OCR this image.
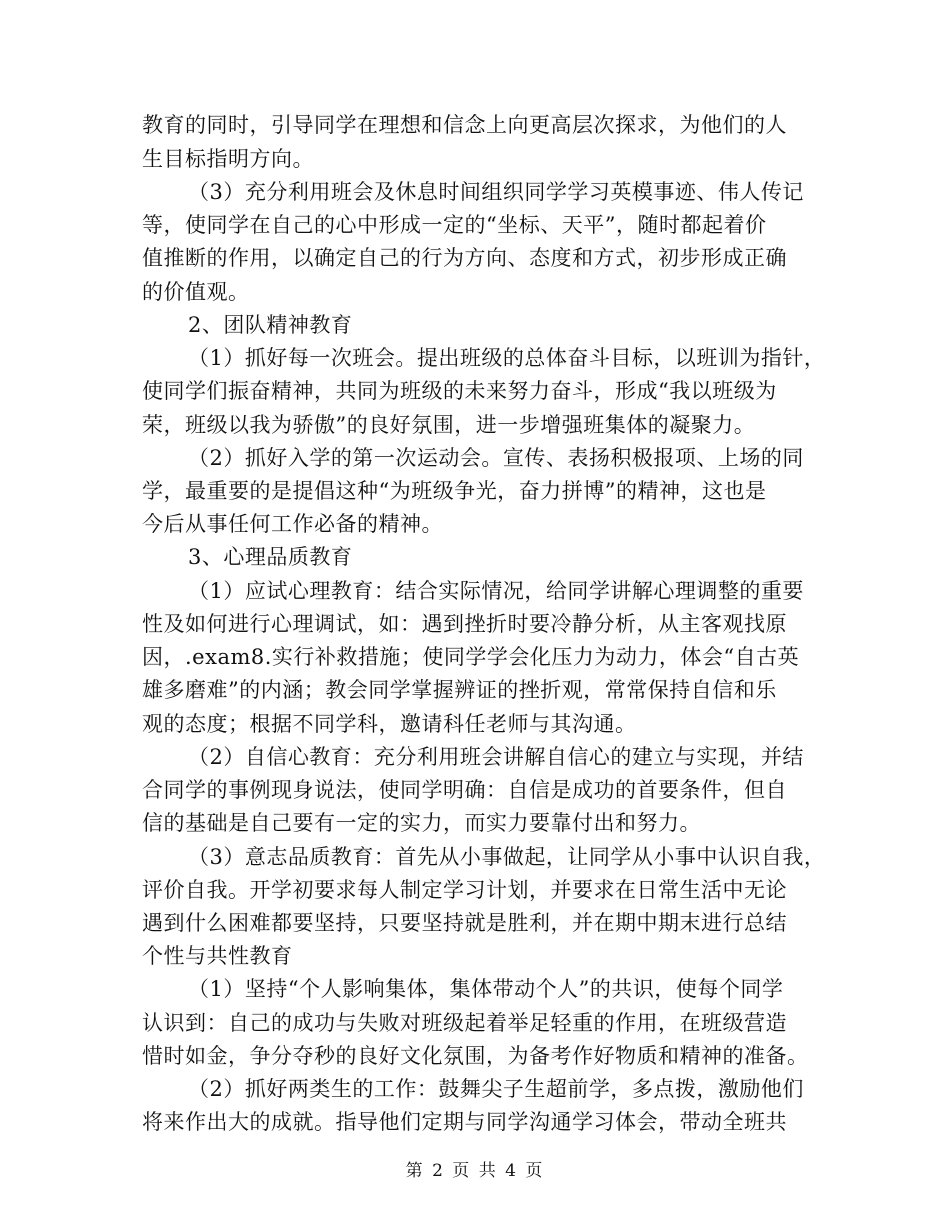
教育的同时，引导同学在理想和信念上向更高层次探求，为他们的人
生目标指明方向。
（3）充分利用班会及休息时间组织同学学习英模事迹、伟人传记
等，使同学在自己的心中形成一定的“坐标、天平”，随时都起着价
值推断的作用，以确定自己的行为方向、态度和方式，初步形成正确
的价值观。
2、团队精神教育
（1）抓好每一次班会。提出班级的总体奋斗目标，以班训为指针，
使同学们振奋精神，共同为班级的未来努力奋斗，形成“我以班级为
荣，班级以我为骄傲”的良好氛围，进一步增强班集体的凝聚力。
（2）抓好入学的第一次运动会。宣传、表扬积极报项、上场的同
学，最重要的是提倡这种“为班级争光，奋力拼博”的精神，这也是
今后从事任何工作必备的精神。
3、心理品质教育
（1）应试心理教育：结合实际情况，给同学讲解心理调整的重要
性及如何进行心理调试，如：遇到挫折时要冷静分析，从主客观找原
因，.exam8.实行补救措施；使同学学会化压力为动力，体会“自古英
雄多磨难”的内涵；教会同学掌握辨证的挫折观，常常保持自信和乐
观的态度；根据不同学科，邀请科任老师与其沟通。
（2）自信心教育：充分利用班会讲解自信心的建立与实现，并结
合同学的事例现身说法，使同学明确：自信是成功的首要条件，但自
信的基础是自己要有一定的实力，而实力要靠付出和努力。
（3）意志品质教育：首先从小事做起，让同学从小事中认识自我，
评价自我。开学初要求每人制定学习计划，并要求在日常生活中无论
遇到什么困难都要坚持，只要坚持就是胜利，并在期中期末进行总结
个性与共性教育
（1）坚持“个人影响集体，集体带动个人”的共识，使每个同学
认识到：自己的成功与失败对班级起着举足轻重的作用，在班级营造
惜时如金，争分夺秒的良好文化氛围，为备考作好物质和精神的准备。
（2）抓好两类生的工作：鼓舞尖子生超前学，多点拨，激励他们
将来作出大的成就。指导他们定期与同学沟通学习体会，带动全班共
第 2 页 共 4 页
